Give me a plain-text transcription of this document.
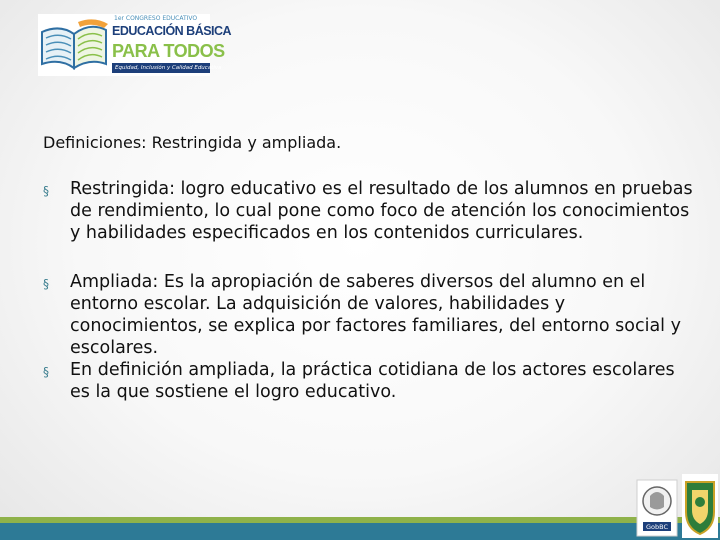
1er CONGRESO EDUCATIVO
EDUCACIÓN BÁSICA
PARA TODOS
Equidad, Inclusión y Calidad Educativa
Definiciones: Restringida y ampliada.
§ Restringida: logro educativo es el resultado de los alumnos en pruebas de rendimiento, lo cual pone como foco de atención los conocimientos y habilidades especificados en los contenidos curriculares.
§ Ampliada: Es la apropiación de saberes diversos del alumno en el entorno escolar. La adquisición de valores, habilidades y conocimientos, se explica por factores familiares, del entorno social y escolares.
§ En definición ampliada, la práctica cotidiana de los actores escolares es la que sostiene el logro educativo.
GobBC
